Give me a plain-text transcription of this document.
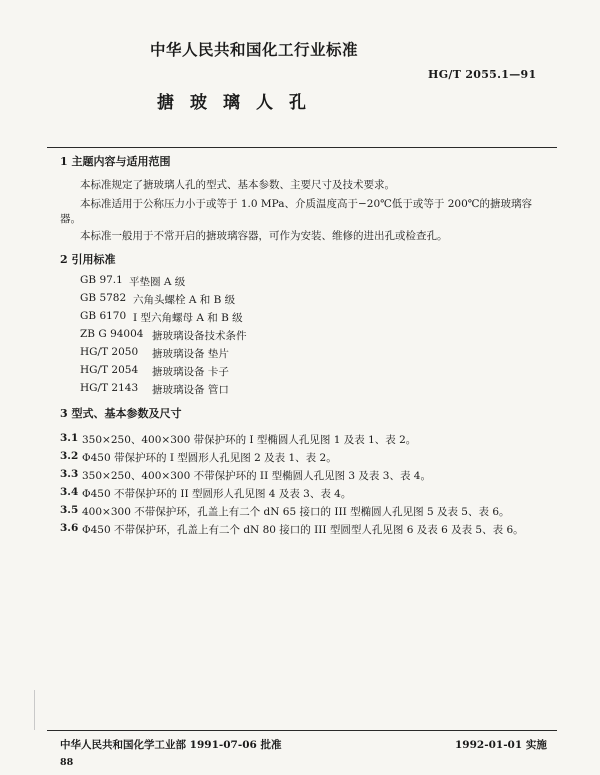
中华人民共和国化工行业标准
HG/T 2055.1—91
搪玻璃人孔
1 主题内容与适用范围
本标准规定了搪玻璃人孔的型式、基本参数、主要尺寸及技术要求。
本标准适用于公称压力小于或等于 1.0 MPa、介质温度高于−20℃低于或等于 200℃的搪玻璃容
器。
本标准一般用于不常开启的搪玻璃容器，可作为安装、维修的进出孔或检查孔。
2 引用标准
GB 97.1 平垫圈 A 级
GB 5782 六角头螺栓 A 和 B 级
GB 6170 I 型六角螺母 A 和 B 级
ZB G 94004 搪玻璃设备技术条件
HG/T 2050 搪玻璃设备 垫片
HG/T 2054 搪玻璃设备 卡子
HG/T 2143 搪玻璃设备 管口
3 型式、基本参数及尺寸
3.1 350×250、400×300 带保护环的 I 型椭圆人孔见图 1 及表 1、表 2。
3.2 Φ450 带保护环的 I 型圆形人孔见图 2 及表 1、表 2。
3.3 350×250、400×300 不带保护环的 II 型椭圆人孔见图 3 及表 3、表 4。
3.4 Φ450 不带保护环的 II 型圆形人孔见图 4 及表 3、表 4。
3.5 400×300 不带保护环，孔盖上有二个 dN 65 接口的 III 型椭圆人孔见图 5 及表 5、表 6。
3.6 Φ450 不带保护环，孔盖上有二个 dN 80 接口的 III 型圆型人孔见图 6 及表 6 及表 5、表 6。
中华人民共和国化学工业部 1991-07-06 批准	1992-01-01 实施
88
